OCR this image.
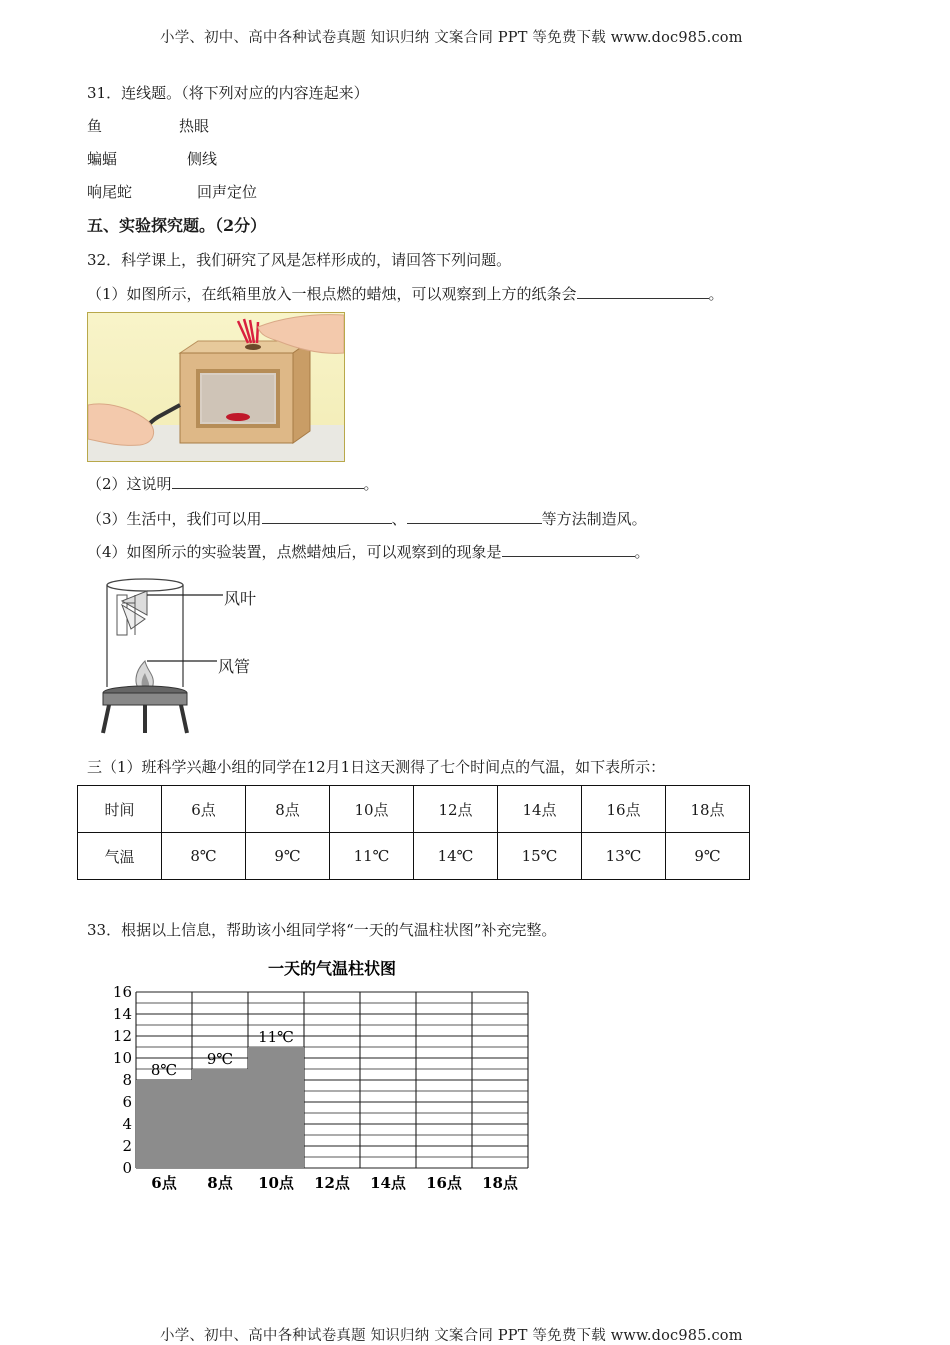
小学、初中、高中各种试卷真题 知识归纳 文案合同 PPT 等免费下载 www.doc985.com
小学、初中、高中各种试卷真题 知识归纳 文案合同 PPT 等免费下载 www.doc985.com
31．连线题。（将下列对应的内容连起来）
鱼	热眼
蝙蝠	侧线
响尾蛇	回声定位
五、实验探究题。（2分）
32．科学课上，我们研究了风是怎样形成的，请回答下列问题。
（1）如图所示，在纸箱里放入一根点燃的蜡烛，可以观察到上方的纸条会	。
（2）这说明	。
（3）生活中，我们可以用	、	等方法制造风。
（4）如图所示的实验装置，点燃蜡烛后，可以观察到的现象是	。
风叶
风管
三（1）班科学兴趣小组的同学在12月1日这天测得了七个时间点的气温，如下表所示：
时间	6点	8点	10点	12点	14点	16点	18点
气温	8℃	9℃	11℃	14℃	15℃	13℃	9℃
33．根据以上信息，帮助该小组同学将“一天的气温柱状图”补充完整。
一天的气温柱状图
8℃
9℃
11℃
0
2
4
6
8
10
12
14
16
6点 8点 10点 12点 14点 16点 18点
